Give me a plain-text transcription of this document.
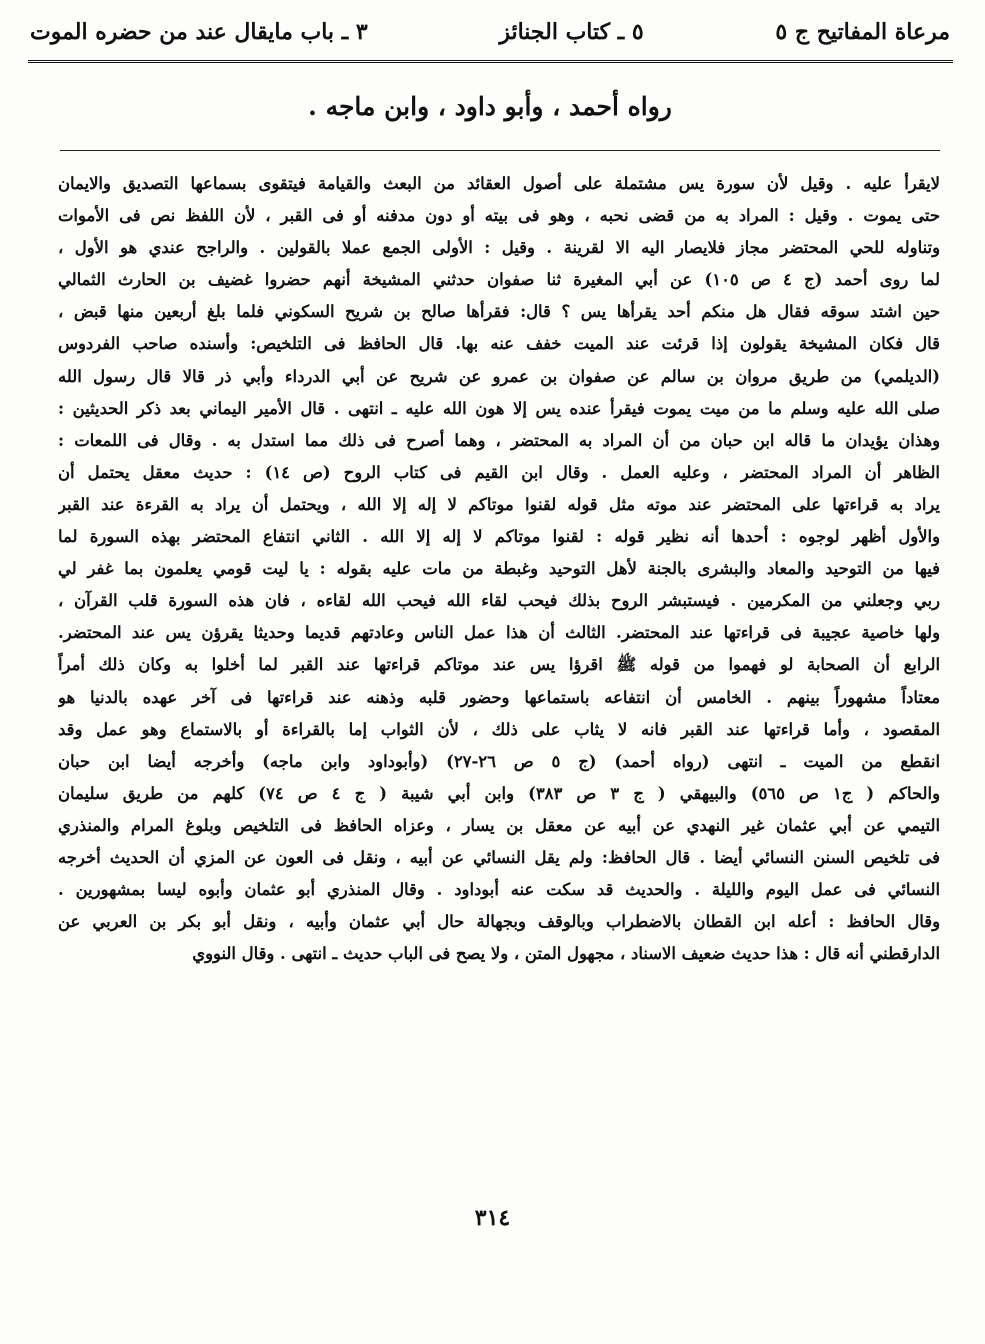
مرعاة المفاتيح ج ٥
٥ ـ كتاب الجنائز
٣ ـ باب مايقال عند من حضره الموت
رواه أحمد ، وأبو داود ، وابن ماجه .
لايقرأ عليه . وقيل لأن سورة يس مشتملة على أصول العقائد من البعث والقيامة فيتقوى بسماعها التصديق والايمان
حتى يموت . وقيل : المراد به من قضى نحبه ، وهو فى بيته أو دون مدفنه أو فى القبر ، لأن اللفظ نص فى الأموات
وتناوله للحي المحتضر مجاز فلايصار اليه الا لقرينة . وقيل : الأولى الجمع عملا بالقولين . والراجح عندي هو الأول ،
لما روى أحمد (ج ٤ ص ١٠٥) عن أبي المغيرة ثنا صفوان حدثني المشيخة أنهم حضروا غضيف بن الحارث الثمالي
حين اشتد سوقه فقال هل منكم أحد يقرأها يس ؟ قال: فقرأها صالح بن شريح السكوني فلما بلغ أربعين منها قبض ،
قال فكان المشيخة يقولون إذا قرئت عند الميت خفف عنه بها. قال الحافظ فى التلخيص: وأسنده صاحب الفردوس
(الديلمي) من طريق مروان بن سالم عن صفوان بن عمرو عن شريح عن أبي الدرداء وأبي ذر قالا قال رسول الله
صلى الله عليه وسلم ما من ميت يموت فيقرأ عنده يس إلا هون الله عليه ـ انتهى . قال الأمير اليماني بعد ذكر الحديثين :
وهذان يؤيدان ما قاله ابن حبان من أن المراد به المحتضر ، وهما أصرح فى ذلك مما استدل به . وقال فى اللمعات :
الظاهر أن المراد المحتضر ، وعليه العمل . وقال ابن القيم فى كتاب الروح (ص ١٤) : حديث معقل يحتمل أن
يراد به قراءتها على المحتضر عند موته مثل قوله لقنوا موتاكم لا إله إلا الله ، ويحتمل أن يراد به القرءة عند القبر
والأول أظهر لوجوه : أحدها أنه نظير قوله : لقنوا موتاكم لا إله إلا الله . الثاني انتفاع المحتضر بهذه السورة لما
فيها من التوحيد والمعاد والبشرى بالجنة لأهل التوحيد وغبطة من مات عليه بقوله : يا ليت قومي يعلمون بما غفر لي
ربي وجعلني من المكرمين . فيستبشر الروح بذلك فيحب لقاء الله فيحب الله لقاءه ، فان هذه السورة قلب القرآن ،
ولها خاصية عجيبة فى قراءتها عند المحتضر. الثالث أن هذا عمل الناس وعادتهم قديما وحديثا يقرؤن يس عند المحتضر.
الرابع أن الصحابة لو فهموا من قوله ﷺ اقرؤا يس عند موتاكم قراءتها عند القبر لما أخلوا به وكان ذلك أمراً
معتاداً مشهوراً بينهم . الخامس أن انتفاعه باستماعها وحضور قلبه وذهنه عند قراءتها فى آخر عهده بالدنيا هو
المقصود ، وأما قراءتها عند القبر فانه لا يثاب على ذلك ، لأن الثواب إما بالقراءة أو بالاستماع وهو عمل وقد
انقطع من الميت ـ انتهى (رواه أحمد) (ج ٥ ص ٢٦-٢٧) (وأبوداود وابن ماجه) وأخرجه أيضا ابن حبان
والحاكم ( ج١ ص ٥٦٥) والبيهقي ( ج ٣ ص ٣٨٣) وابن أبي شيبة ( ج ٤ ص ٧٤) كلهم من طريق سليمان
التيمي عن أبي عثمان غير النهدي عن أبيه عن معقل بن يسار ، وعزاه الحافظ فى التلخيص وبلوغ المرام والمنذري
فى تلخيص السنن النسائي أيضا . قال الحافظ: ولم يقل النسائي عن أبيه ، ونقل فى العون عن المزي أن الحديث أخرجه
النسائي فى عمل اليوم والليلة . والحديث قد سكت عنه أبوداود . وقال المنذري أبو عثمان وأبوه ليسا بمشهورين .
وقال الحافظ : أعله ابن القطان بالاضطراب وبالوقف وبجهالة حال أبي عثمان وأبيه ، ونقل أبو بكر بن العربي عن
الدارقطني أنه قال : هذا حديث ضعيف الاسناد ، مجهول المتن ، ولا يصح فى الباب حديث ـ انتهى . وقال النووي
٣١٤
